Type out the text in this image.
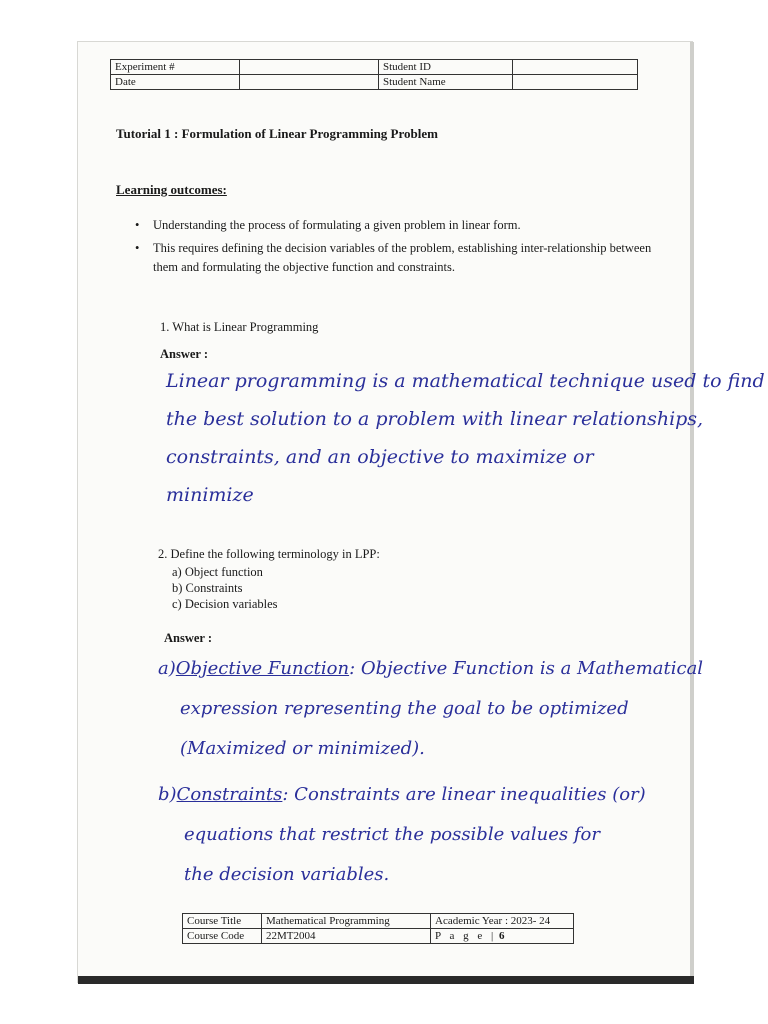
Experiment #		Student ID	
Date		Student Name	
Tutorial 1 : Formulation of Linear Programming Problem
Learning outcomes:
• Understanding the process of formulating a given problem in linear form.
• This requires defining the decision variables of the problem, establishing inter-relationship between them and formulating the objective function and constraints.
1. What is Linear Programming
Answer :
Linear programming is a mathematical technique used to find
the best solution to a problem with linear relationships,
constraints, and an objective to maximize or
minimize
2. Define the following terminology in LPP:
a) Object function
b) Constraints
c) Decision variables
Answer :
a)Objective Function: Objective Function is a Mathematical
expression representing the goal to be optimized
(Maximized or minimized).
b)Constraints: Constraints are linear inequalities (or)
equations that restrict the possible values for
the decision variables.
Course Title	Mathematical Programming	Academic Year : 2023- 24
Course Code	22MT2004	P a g e | 6
